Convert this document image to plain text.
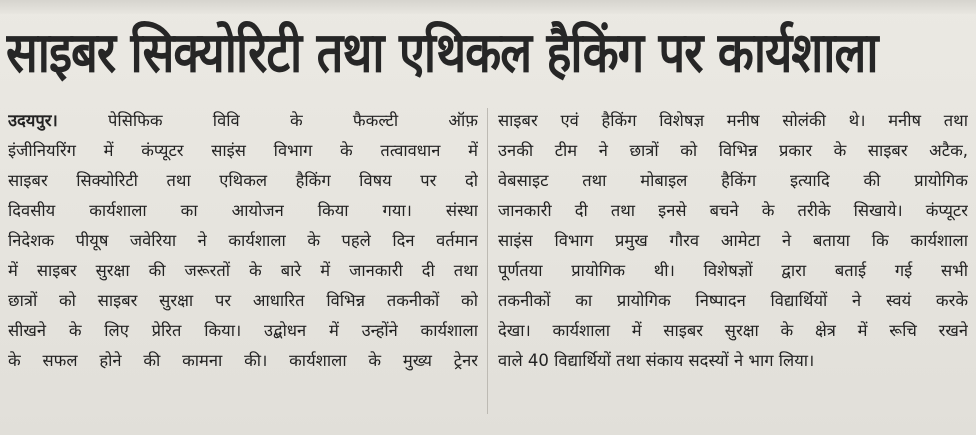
साइबर सिक्योरिटी तथा एथिकल हैकिंग पर कार्यशाला
उदयपुर।	पेसिफिक विवि के फैकल्टी ऑफ़
इंजीनियरिंग में कंप्यूटर साइंस विभाग के तत्वावधान में
साइबर सिक्योरिटी तथा एथिकल हैकिंग विषय पर दो
दिवसीय कार्यशाला का आयोजन किया गया। संस्था
निदेशक पीयूष जवेरिया ने कार्यशाला के पहले दिन वर्तमान
में साइबर सुरक्षा की जरूरतों के बारे में जानकारी दी तथा
छात्रों को साइबर सुरक्षा पर आधारित विभिन्न तकनीकों को
सीखने के लिए प्रेरित किया। उद्बोधन में उन्होंने कार्यशाला
के सफल होने की कामना की। कार्यशाला के मुख्य ट्रेनर
साइबर एवं हैकिंग विशेषज्ञ मनीष सोलंकी थे। मनीष तथा
उनकी टीम ने छात्रों को विभिन्न प्रकार के साइबर अटैक,
वेबसाइट तथा मोबाइल हैकिंग इत्यादि की प्रायोगिक
जानकारी दी तथा इनसे बचने के तरीके सिखाये। कंप्यूटर
साइंस विभाग प्रमुख गौरव आमेटा ने बताया कि कार्यशाला
पूर्णतया प्रायोगिक थी। विशेषज्ञों द्वारा बताई गई सभी
तकनीकों का प्रायोगिक निष्पादन विद्यार्थियों ने स्वयं करके
देखा। कार्यशाला में साइबर सुरक्षा के क्षेत्र में रूचि रखने
वाले 40 विद्यार्थियों तथा संकाय सदस्यों ने भाग लिया।
